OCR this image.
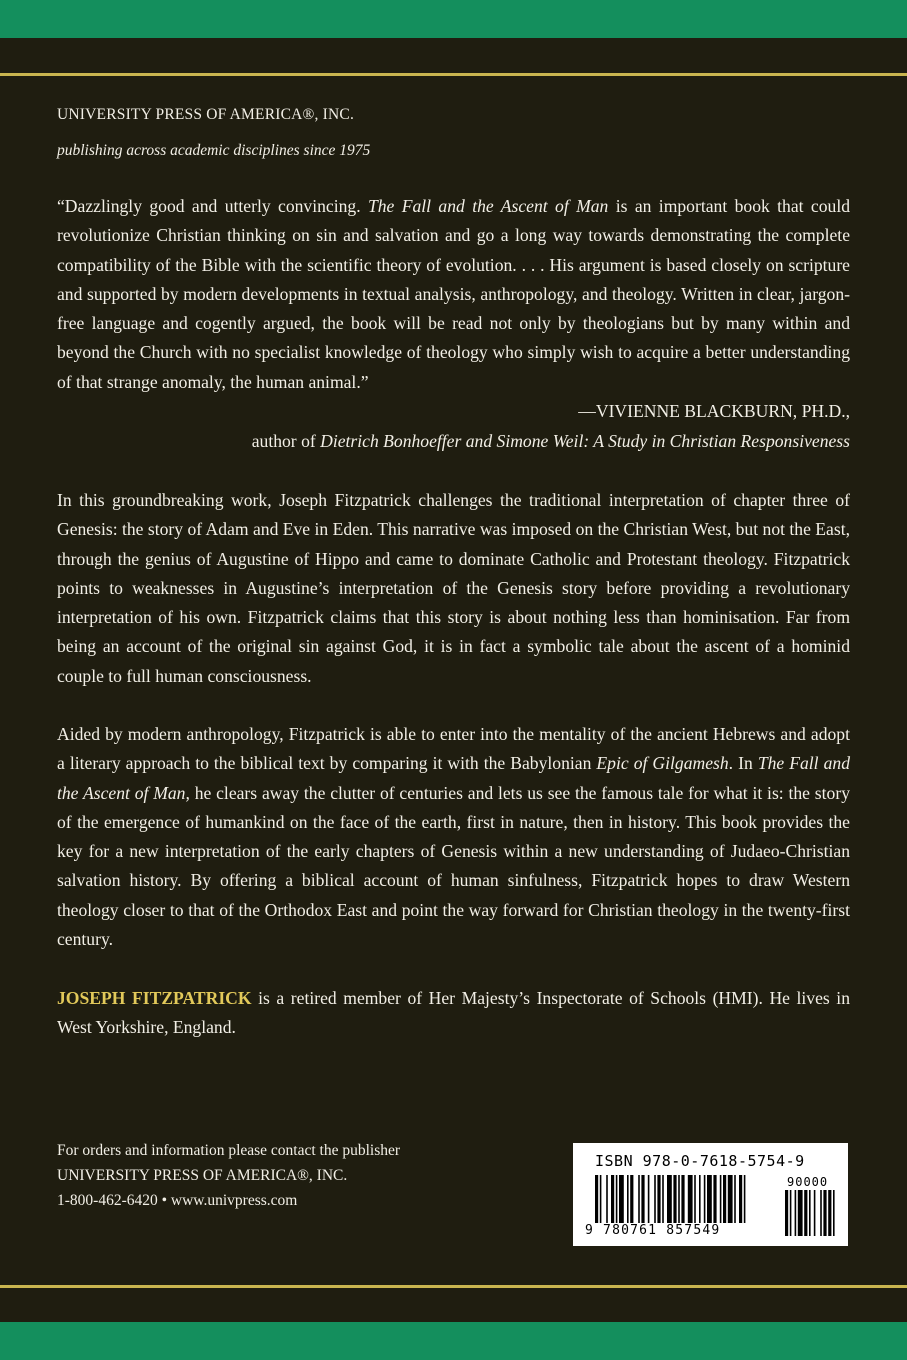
UNIVERSITY PRESS OF AMERICA®, INC.
publishing across academic disciplines since 1975

“Dazzlingly good and utterly convincing. The Fall and the Ascent of Man is an important book that could revolutionize Christian thinking on sin and salvation and go a long way towards demonstrating the complete compatibility of the Bible with the scientific theory of evolution. . . . His argument is based closely on scripture and supported by modern developments in textual analysis, anthropology, and theology. Written in clear, jargon-free language and cogently argued, the book will be read not only by theologians but by many within and beyond the Church with no specialist knowledge of theology who simply wish to acquire a better understanding of that strange anomaly, the human animal.”

—VIVIENNE BLACKBURN, PH.D.,

author of Dietrich Bonhoeffer and Simone Weil: A Study in Christian Responsiveness

In this groundbreaking work, Joseph Fitzpatrick challenges the traditional interpretation of chapter three of Genesis: the story of Adam and Eve in Eden. This narrative was imposed on the Christian West, but not the East, through the genius of Augustine of Hippo and came to dominate Catholic and Protestant theology. Fitzpatrick points to weaknesses in Augustine’s interpretation of the Genesis story before providing a revolutionary interpretation of his own. Fitzpatrick claims that this story is about nothing less than hominisation. Far from being an account of the original sin against God, it is in fact a symbolic tale about the ascent of a hominid couple to full human consciousness.

Aided by modern anthropology, Fitzpatrick is able to enter into the mentality of the ancient Hebrews and adopt a literary approach to the biblical text by comparing it with the Babylonian Epic of Gilgamesh. In The Fall and the Ascent of Man, he clears away the clutter of centuries and lets us see the famous tale for what it is: the story of the emergence of humankind on the face of the earth, first in nature, then in history. This book provides the key for a new interpretation of the early chapters of Genesis within a new understanding of Judaeo-Christian salvation history. By offering a biblical account of human sinfulness, Fitzpatrick hopes to draw Western theology closer to that of the Orthodox East and point the way forward for Christian theology in the twenty-first century.

JOSEPH FITZPATRICK is a retired member of Her Majesty’s Inspectorate of Schools (HMI). He lives in West Yorkshire, England.

For orders and information please contact the publisher
UNIVERSITY PRESS OF AMERICA®, INC.
1-800-462-6420 • www.univpress.com
ISBN 978-0-7618-5754-9
90000
9 780761 857549
